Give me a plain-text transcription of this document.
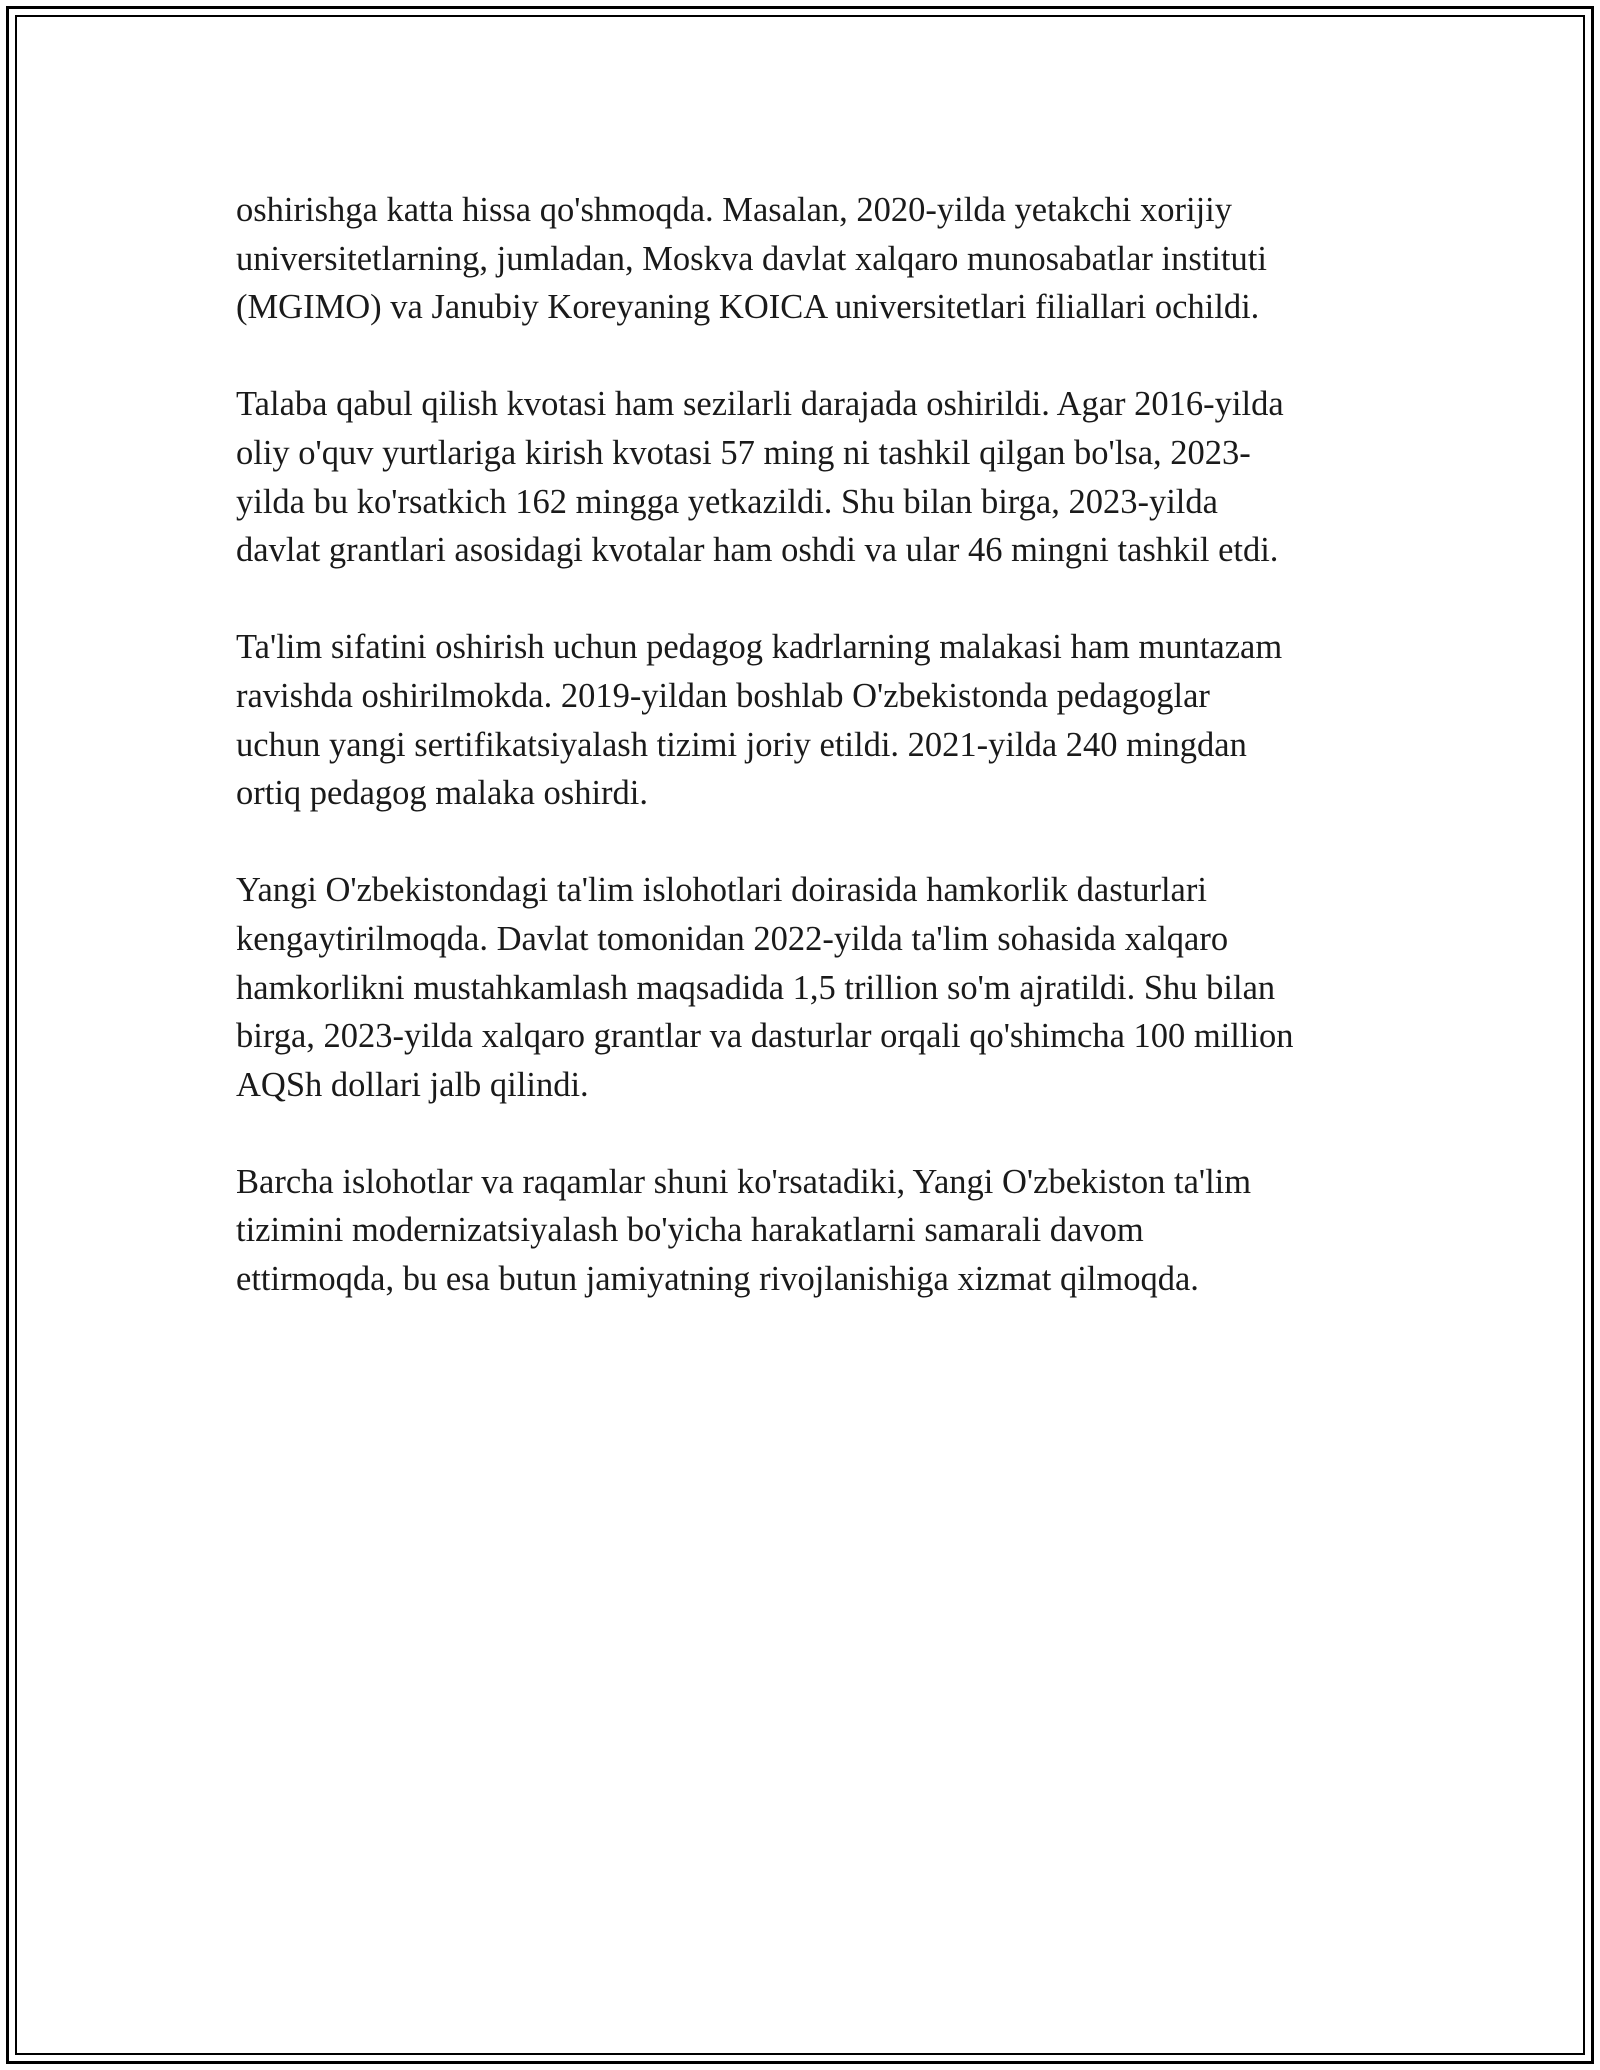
oshirishga katta hissa qo'shmoqda. Masalan, 2020-yilda yetakchi xorijiy
universitetlarning, jumladan, Moskva davlat xalqaro munosabatlar instituti
(MGIMO) va Janubiy Koreyaning KOICA universitetlari filiallari ochildi.

Talaba qabul qilish kvotasi ham sezilarli darajada oshirildi. Agar 2016-yilda
oliy o'quv yurtlariga kirish kvotasi 57 ming ni tashkil qilgan bo'lsa, 2023-
yilda bu ko'rsatkich 162 mingga yetkazildi. Shu bilan birga, 2023-yilda
davlat grantlari asosidagi kvotalar ham oshdi va ular 46 mingni tashkil etdi.

Ta'lim sifatini oshirish uchun pedagog kadrlarning malakasi ham muntazam
ravishda oshirilmokda. 2019-yildan boshlab O'zbekistonda pedagoglar
uchun yangi sertifikatsiyalash tizimi joriy etildi. 2021-yilda 240 mingdan
ortiq pedagog malaka oshirdi.

Yangi O'zbekistondagi ta'lim islohotlari doirasida hamkorlik dasturlari
kengaytirilmoqda. Davlat tomonidan 2022-yilda ta'lim sohasida xalqaro
hamkorlikni mustahkamlash maqsadida 1,5 trillion so'm ajratildi. Shu bilan
birga, 2023-yilda xalqaro grantlar va dasturlar orqali qo'shimcha 100 million
AQSh dollari jalb qilindi.

Barcha islohotlar va raqamlar shuni ko'rsatadiki, Yangi O'zbekiston ta'lim
tizimini modernizatsiyalash bo'yicha harakatlarni samarali davom
ettirmoqda, bu esa butun jamiyatning rivojlanishiga xizmat qilmoqda.
